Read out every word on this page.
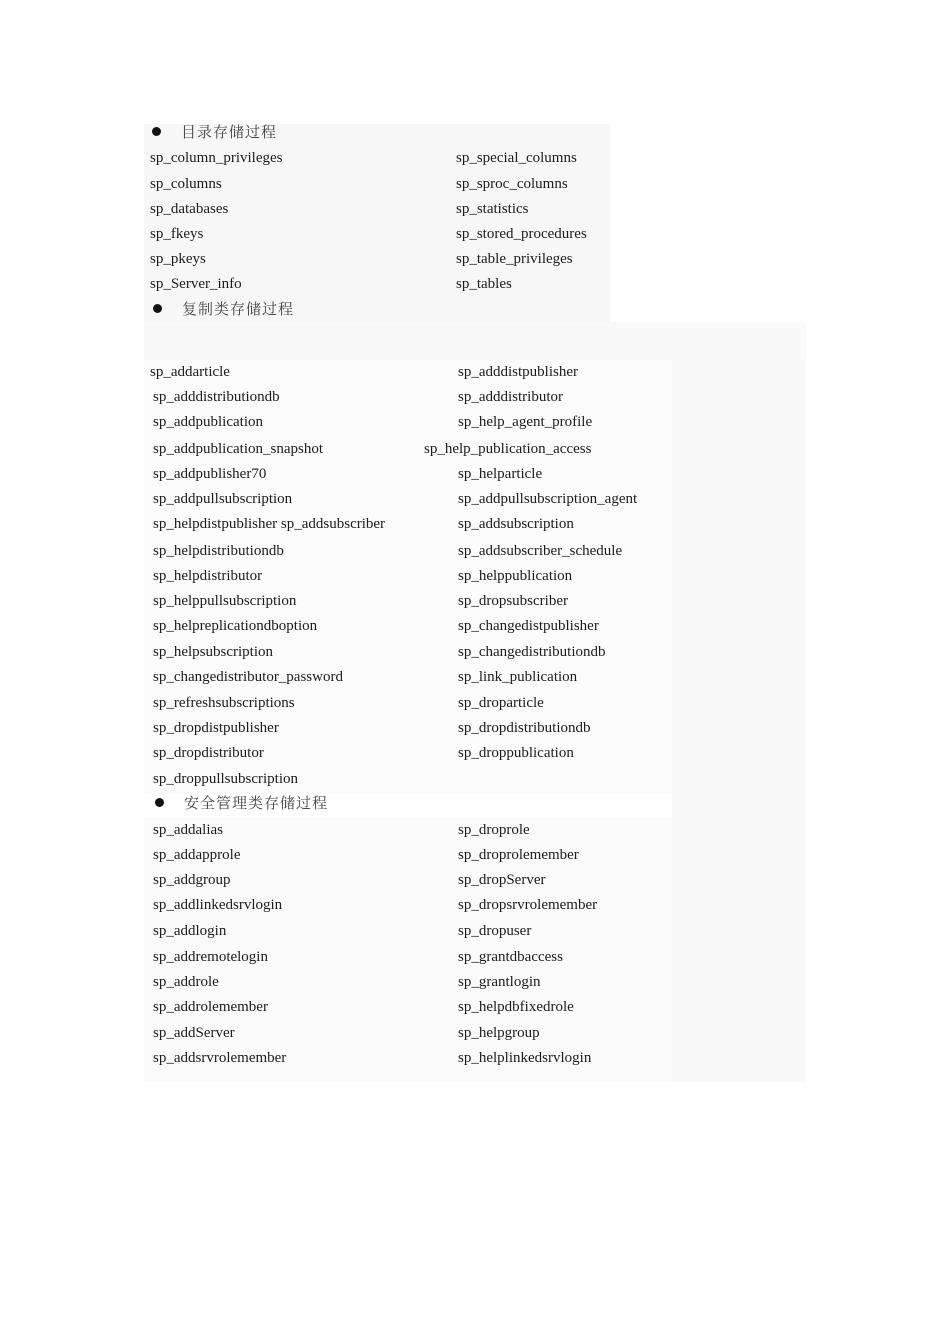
目录存储过程
sp_column_privileges
sp_columns
sp_databases
sp_fkeys
sp_pkeys
sp_Server_info
sp_special_columns
sp_sproc_columns
sp_statistics
sp_stored_procedures
sp_table_privileges
sp_tables
复制类存储过程
sp_addarticle
sp_adddistributiondb
sp_addpublication
sp_addpublication_snapshot
sp_addpublisher70
sp_addpullsubscription
sp_helpdistpublisher sp_addsubscriber
sp_helpdistributiondb
sp_helpdistributor
sp_helppullsubscription
sp_helpreplicationdboption
sp_helpsubscription
sp_changedistributor_password
sp_refreshsubscriptions
sp_dropdistpublisher
sp_dropdistributor
sp_droppullsubscription
sp_adddistpublisher
sp_adddistributor
sp_help_agent_profile
sp_help_publication_access
sp_helparticle
sp_addpullsubscription_agent
sp_addsubscription
sp_addsubscriber_schedule
sp_helppublication
sp_dropsubscriber
sp_changedistpublisher
sp_changedistributiondb
sp_link_publication
sp_droparticle
sp_dropdistributiondb
sp_droppublication
安全管理类存储过程
sp_addalias
sp_addapprole
sp_addgroup
sp_addlinkedsrvlogin
sp_addlogin
sp_addremotelogin
sp_addrole
sp_addrolemember
sp_addServer
sp_addsrvrolemember
sp_droprole
sp_droprolemember
sp_dropServer
sp_dropsrvrolemember
sp_dropuser
sp_grantdbaccess
sp_grantlogin
sp_helpdbfixedrole
sp_helpgroup
sp_helplinkedsrvlogin
